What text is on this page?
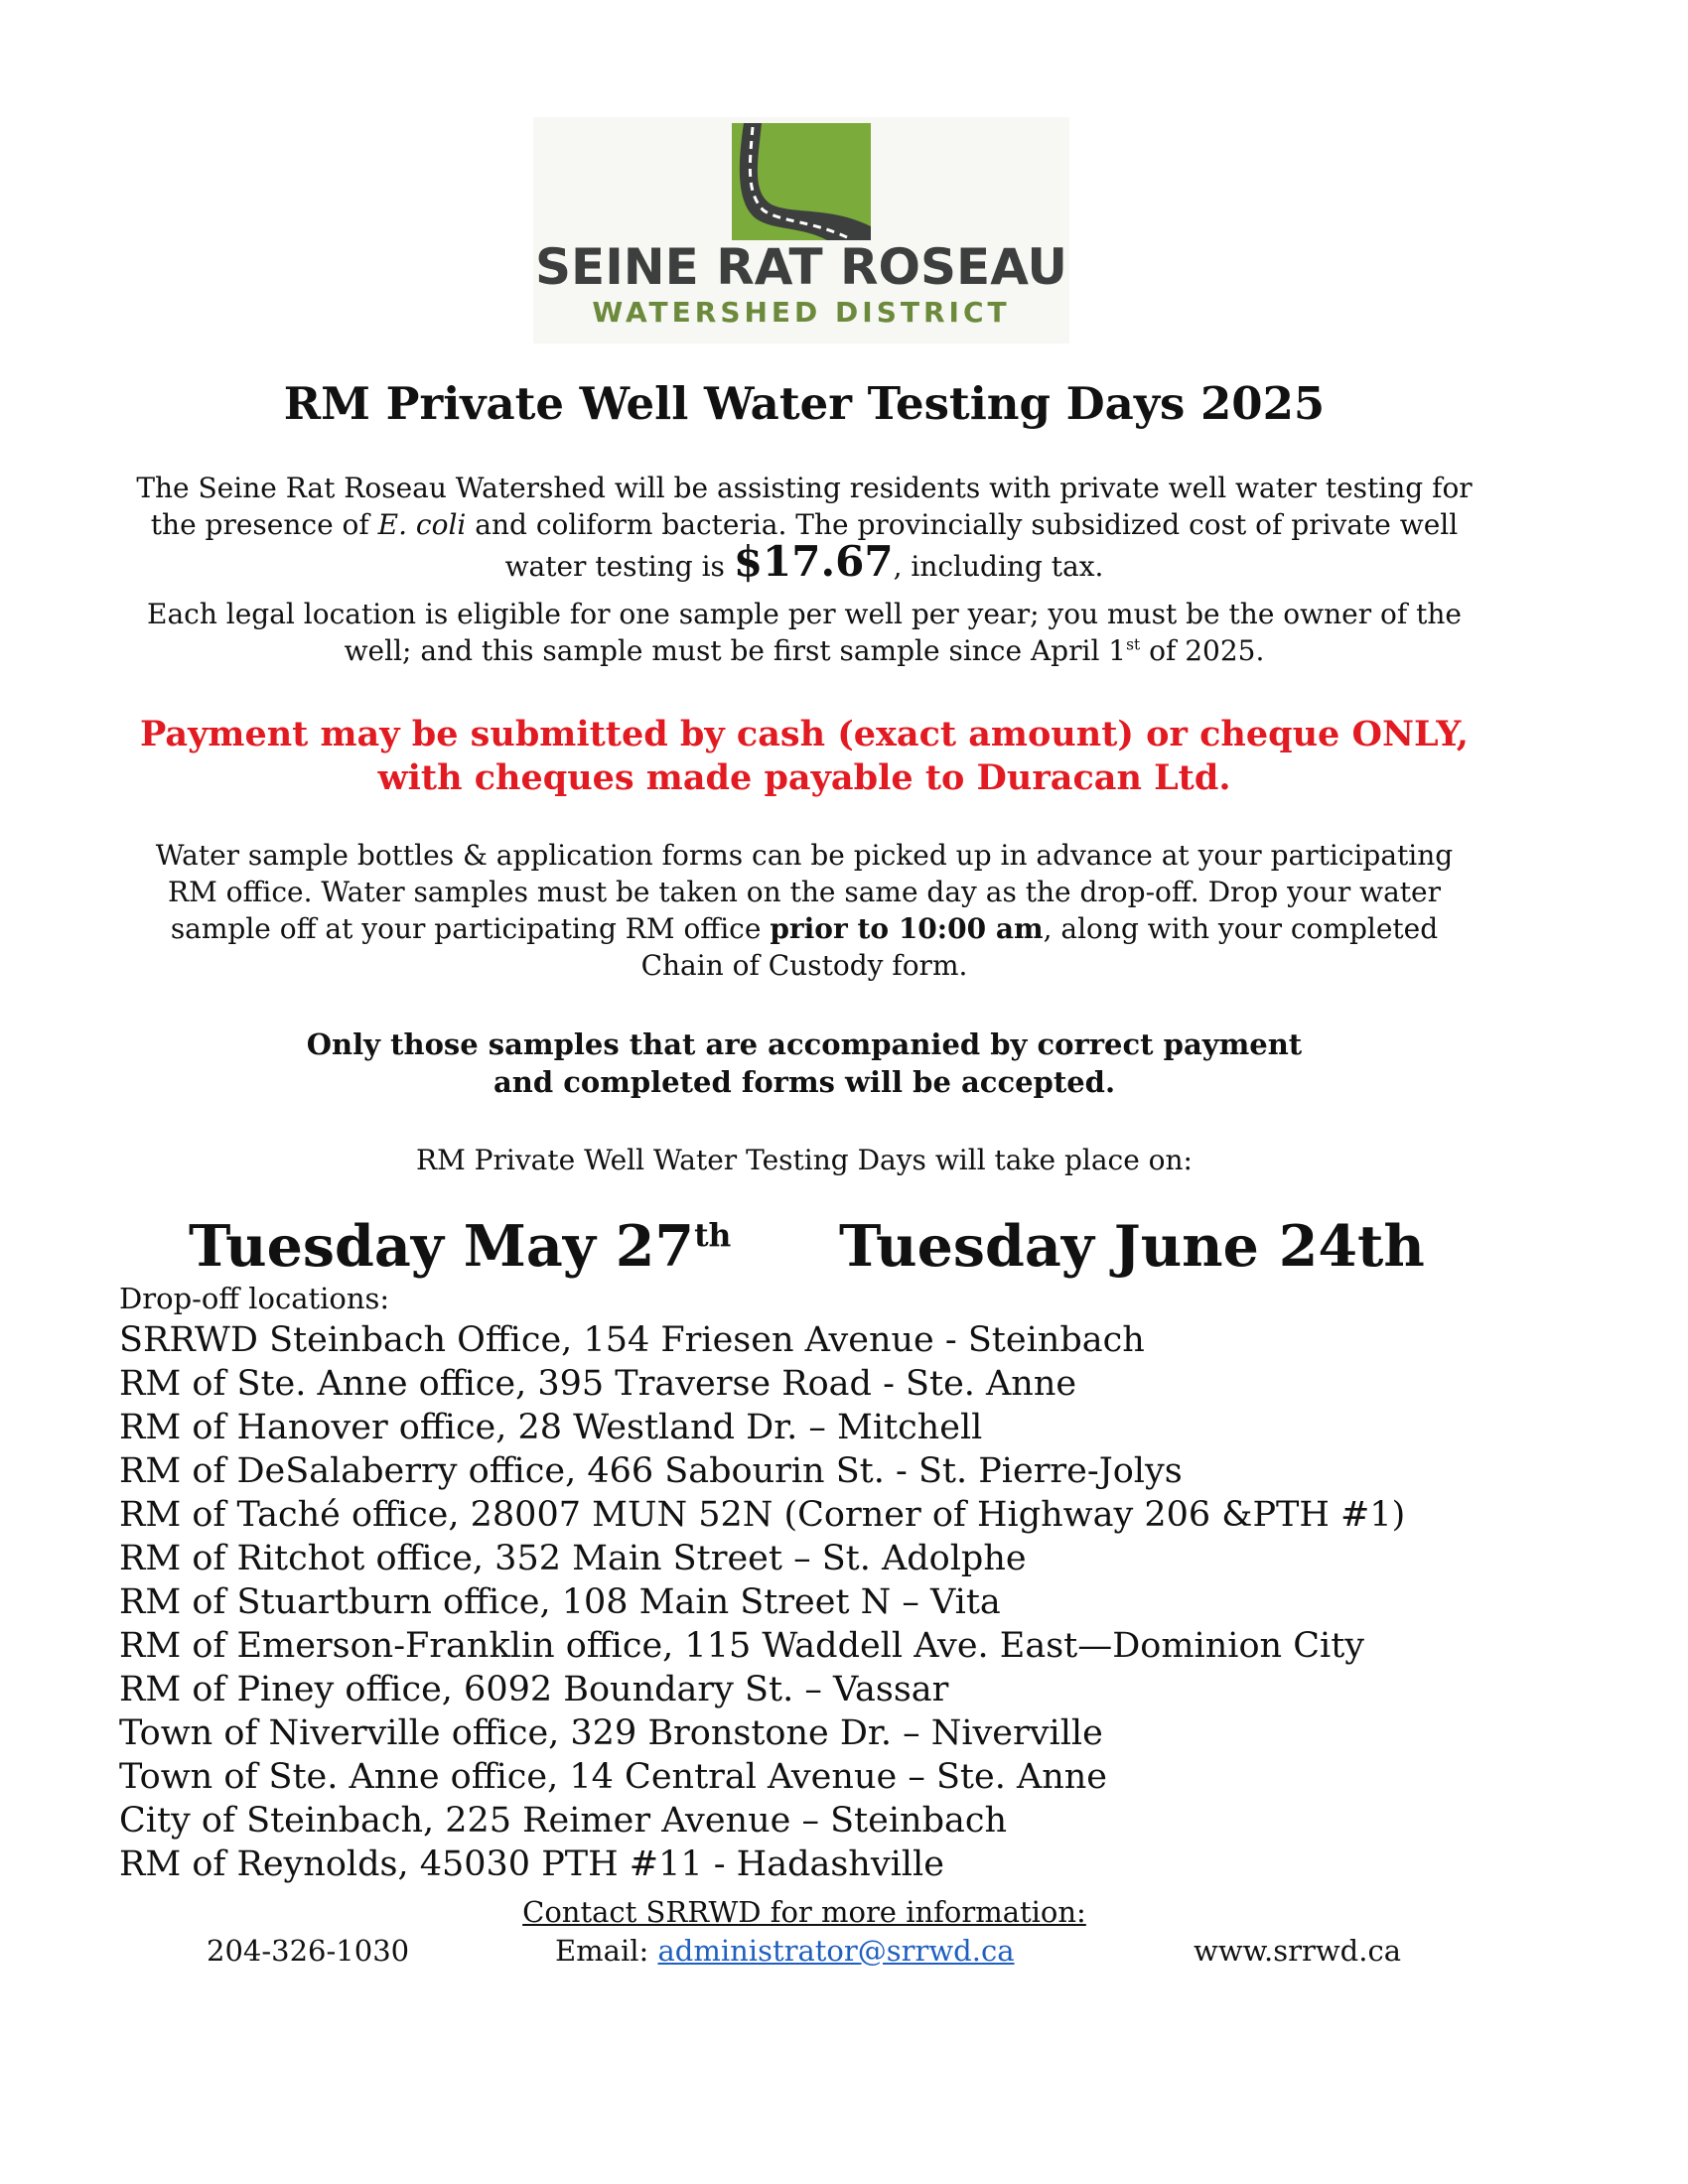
SEINE RAT ROSEAU
WATERSHED DISTRICT
RM Private Well Water Testing Days 2025
The Seine Rat Roseau Watershed will be assisting residents with private well water testing for
the presence of E. coli and coliform bacteria. The provincially subsidized cost of private well
water testing is $17.67, including tax.
Each legal location is eligible for one sample per well per year; you must be the owner of the
well; and this sample must be first sample since April 1st of 2025.
Payment may be submitted by cash (exact amount) or cheque ONLY,
with cheques made payable to Duracan Ltd.
Water sample bottles & application forms can be picked up in advance at your participating
RM office. Water samples must be taken on the same day as the drop-off. Drop your water
sample off at your participating RM office prior to 10:00 am, along with your completed
Chain of Custody form.
Only those samples that are accompanied by correct payment
and completed forms will be accepted.
RM Private Well Water Testing Days will take place on:
Tuesday May 27th Tuesday June 24th
Drop-off locations:
SRRWD Steinbach Office, 154 Friesen Avenue - Steinbach
RM of Ste. Anne office, 395 Traverse Road - Ste. Anne
RM of Hanover office, 28 Westland Dr. – Mitchell
RM of DeSalaberry office, 466 Sabourin St. - St. Pierre-Jolys
RM of Taché office, 28007 MUN 52N (Corner of Highway 206 &PTH #1)
RM of Ritchot office, 352 Main Street – St. Adolphe
RM of Stuartburn office, 108 Main Street N – Vita
RM of Emerson-Franklin office, 115 Waddell Ave. East—Dominion City
RM of Piney office, 6092 Boundary St. – Vassar
Town of Niverville office, 329 Bronstone Dr. – Niverville
Town of Ste. Anne office, 14 Central Avenue – Ste. Anne
City of Steinbach, 225 Reimer Avenue – Steinbach
RM of Reynolds, 45030 PTH #11 - Hadashville
Contact SRRWD for more information:
204-326-1030	Email: administrator@srrwd.ca	www.srrwd.ca
